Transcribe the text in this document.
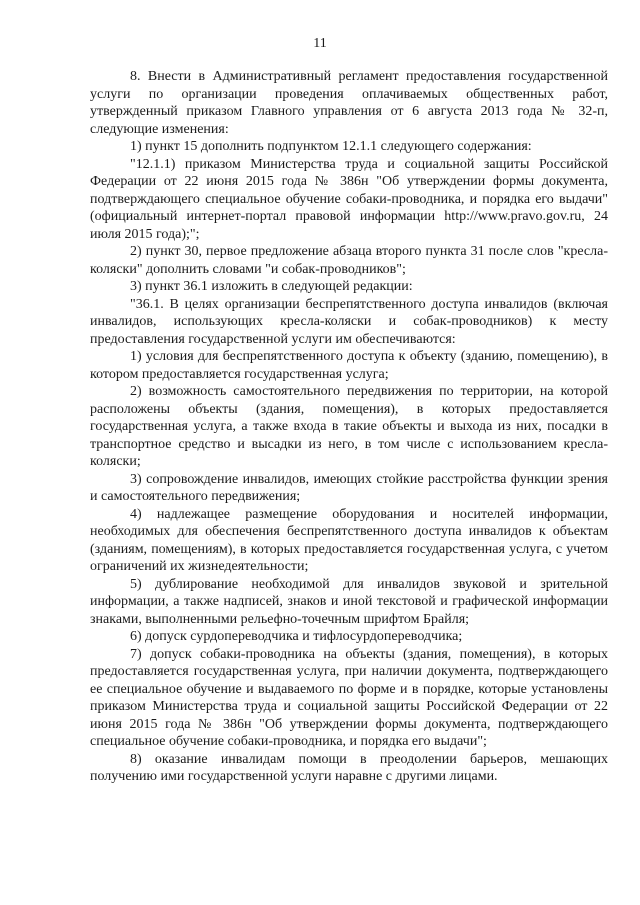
11

8. Внести в Административный регламент предоставления государственной услуги по организации проведения оплачиваемых общественных работ, утвержденный приказом Главного управления от 6 августа 2013 года № 32-п, следующие изменения:

1) пункт 15 дополнить подпунктом 12.1.1 следующего содержания:

"12.1.1) приказом Министерства труда и социальной защиты Российской Федерации от 22 июня 2015 года № 386н "Об утверждении формы документа, подтверждающего специальное обучение собаки-проводника, и порядка его выдачи" (официальный интернет-портал правовой информации http://www.pravo.gov.ru, 24 июля 2015 года);";

2) пункт 30, первое предложение абзаца второго пункта 31 после слов "кресла-коляски" дополнить словами "и собак-проводников";

3) пункт 36.1 изложить в следующей редакции:

"36.1. В целях организации беспрепятственного доступа инвалидов (включая инвалидов, использующих кресла-коляски и собак-проводников) к месту предоставления государственной услуги им обеспечиваются:

1) условия для беспрепятственного доступа к объекту (зданию, помещению), в котором предоставляется государственная услуга;

2) возможность самостоятельного передвижения по территории, на которой расположены объекты (здания, помещения), в которых предоставляется государственная услуга, а также входа в такие объекты и выхода из них, посадки в транспортное средство и высадки из него, в том числе с использованием кресла-коляски;

3) сопровождение инвалидов, имеющих стойкие расстройства функции зрения и самостоятельного передвижения;

4) надлежащее размещение оборудования и носителей информации, необходимых для обеспечения беспрепятственного доступа инвалидов к объектам (зданиям, помещениям), в которых предоставляется государственная услуга, с учетом ограничений их жизнедеятельности;

5) дублирование необходимой для инвалидов звуковой и зрительной информации, а также надписей, знаков и иной текстовой и графической информации знаками, выполненными рельефно-точечным шрифтом Брайля;

6) допуск сурдопереводчика и тифлосурдопереводчика;

7) допуск собаки-проводника на объекты (здания, помещения), в которых предоставляется государственная услуга, при наличии документа, подтверждающего ее специальное обучение и выдаваемого по форме и в порядке, которые установлены приказом Министерства труда и социальной защиты Российской Федерации от 22 июня 2015 года № 386н "Об утверждении формы документа, подтверждающего специальное обучение собаки-проводника, и порядка его выдачи";

8) оказание инвалидам помощи в преодолении барьеров, мешающих получению ими государственной услуги наравне с другими лицами.
